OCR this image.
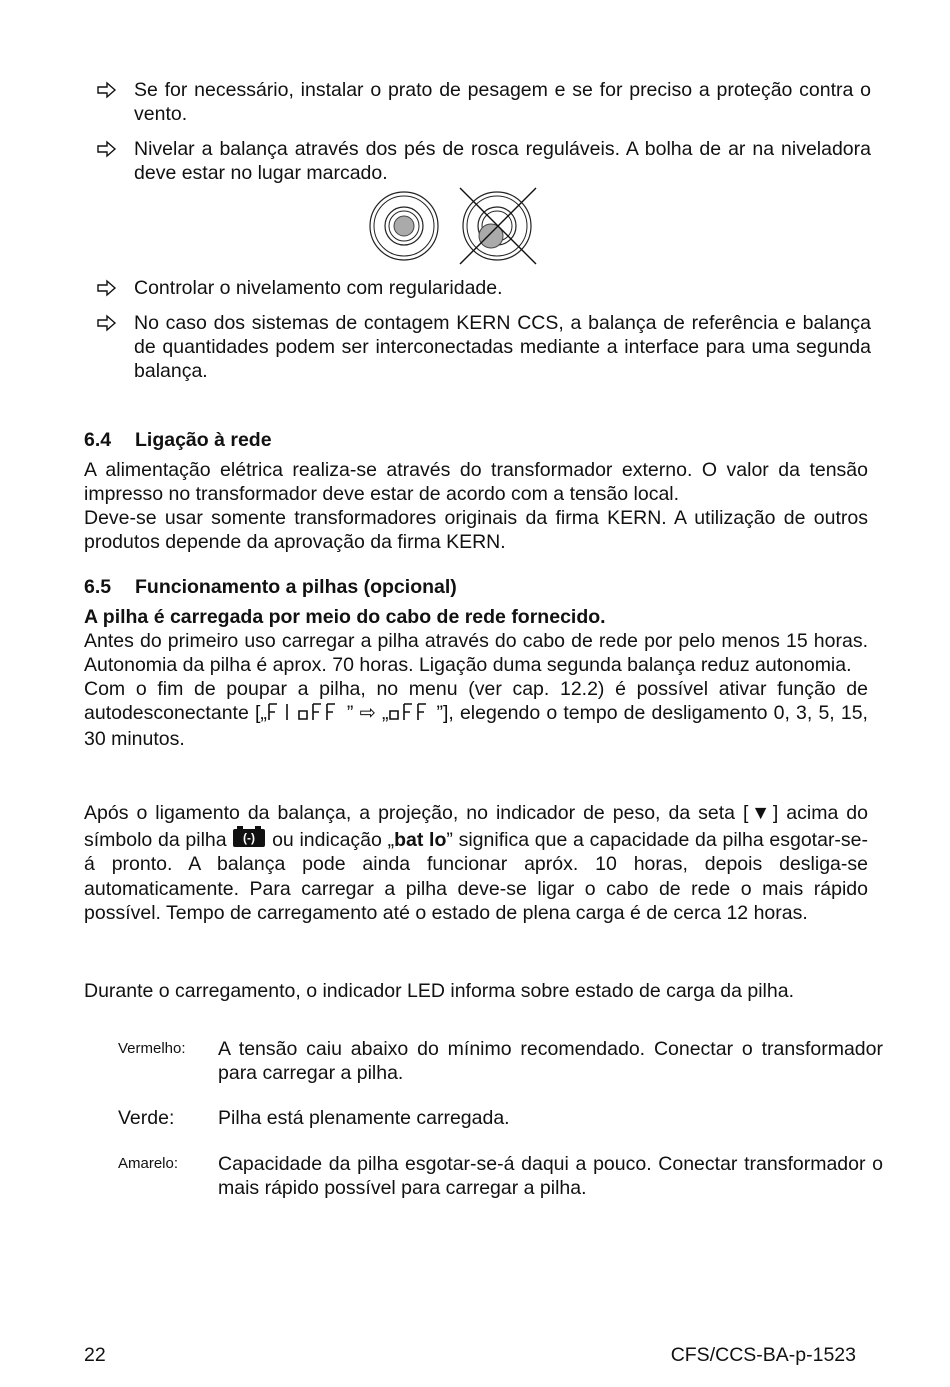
Se for necessário, instalar o prato de pesagem e se for preciso a proteção contra o vento.
Nivelar a balança através dos pés de rosca reguláveis. A bolha de ar na niveladora deve estar no lugar marcado.
Controlar o nivelamento com regularidade.
No caso dos sistemas de contagem KERN CCS, a balança de referência e balança de quantidades podem ser interconectadas mediante a interface para uma segunda balança.
6.4 Ligação à rede
A alimentação elétrica realiza-se através do transformador externo. O valor da tensão impresso no transformador deve estar de acordo com a tensão local.
Deve-se usar somente transformadores originais da firma KERN. A utilização de outros produtos depende da aprovação da firma KERN.
6.5 Funcionamento a pilhas (opcional)
A pilha é carregada por meio do cabo de rede fornecido.
Antes do primeiro uso carregar a pilha através do cabo de rede por pelo menos 15 horas. Autonomia da pilha é aprox. 70 horas. Ligação duma segunda balança reduz autonomia.
Com o fim de poupar a pilha, no menu (ver cap. 12.2) é possível ativar função de autodesconectante [„	” ⇨ „ ”], elegendo o tempo de desligamento 0, 3, 5, 15, 30 minutos.
Após o ligamento da balança, a projeção, no indicador de peso, da seta [▼] acima do símbolo da pilha (-) ou indicação „bat lo” significa que a capacidade da pilha esgotar-se-á pronto. A balança pode ainda funcionar apróx. 10 horas, depois desliga-se automaticamente. Para carregar a pilha deve-se ligar o cabo de rede o mais rápido possível. Tempo de carregamento até o estado de plena carga é de cerca 12 horas.
Durante o carregamento, o indicador LED informa sobre estado de carga da pilha.
Vermelho: A tensão caiu abaixo do mínimo recomendado. Conectar o transformador para carregar a pilha.
Verde: Pilha está plenamente carregada.
Amarelo: Capacidade da pilha esgotar-se-á daqui a pouco. Conectar transformador o mais rápido possível para carregar a pilha.
22	CFS/CCS-BA-p-1523
